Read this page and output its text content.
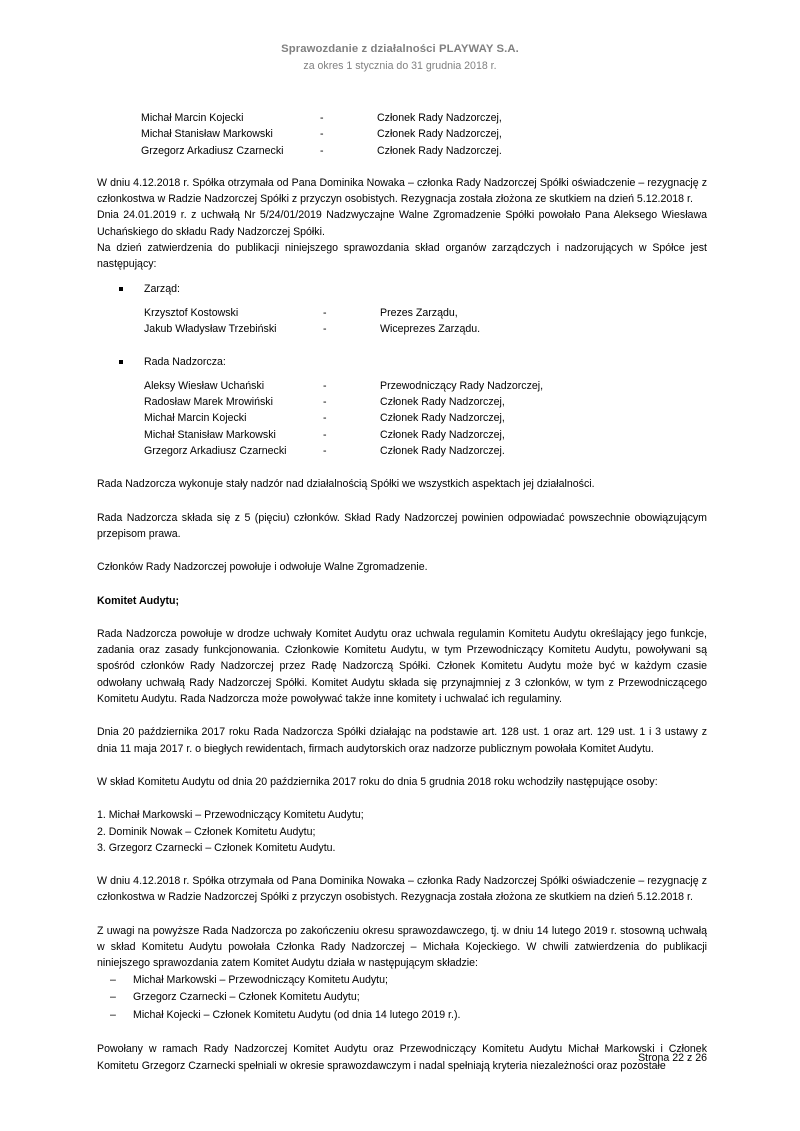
Sprawozdanie z działalności PLAYWAY S.A.
za okres 1 stycznia do 31 grudnia 2018 r.
Michał Marcin Kojecki	-	Członek Rady Nadzorczej,
Michał Stanisław Markowski	-	Członek Rady Nadzorczej,
Grzegorz Arkadiusz Czarnecki	-	Członek Rady Nadzorczej.

W dniu 4.12.2018 r. Spółka otrzymała od Pana Dominika Nowaka – członka Rady Nadzorczej Spółki oświadczenie – rezygnację z członkostwa w Radzie Nadzorczej Spółki z przyczyn osobistych. Rezygnacja została złożona ze skutkiem na dzień 5.12.2018 r.

Dnia 24.01.2019 r. z uchwałą Nr 5/24/01/2019 Nadzwyczajne Walne Zgromadzenie Spółki powołało Pana Aleksego Wiesława Uchańskiego do składu Rady Nadzorczej Spółki.

Na dzień zatwierdzenia do publikacji niniejszego sprawozdania skład organów zarządczych i nadzorujących w Spółce jest następujący:

Zarząd:
Krzysztof Kostowski	-	Prezes Zarządu,
Jakub Władysław Trzebiński	-	Wiceprezes Zarządu.
Rada Nadzorcza:
Aleksy Wiesław Uchański	-	Przewodniczący Rady Nadzorczej,
Radosław Marek Mrowiński	-	Członek Rady Nadzorczej,
Michał Marcin Kojecki	-	Członek Rady Nadzorczej,
Michał Stanisław Markowski	-	Członek Rady Nadzorczej,
Grzegorz Arkadiusz Czarnecki	-	Członek Rady Nadzorczej.

Rada Nadzorcza wykonuje stały nadzór nad działalnością Spółki we wszystkich aspektach jej działalności.

Rada Nadzorcza składa się z 5 (pięciu) członków. Skład Rady Nadzorczej powinien odpowiadać powszechnie obowiązującym przepisom prawa.

Członków Rady Nadzorczej powołuje i odwołuje Walne Zgromadzenie.

Komitet Audytu;

Rada Nadzorcza powołuje w drodze uchwały Komitet Audytu oraz uchwala regulamin Komitetu Audytu określający jego funkcje, zadania oraz zasady funkcjonowania. Członkowie Komitetu Audytu, w tym Przewodniczący Komitetu Audytu, powoływani są spośród członków Rady Nadzorczej przez Radę Nadzorczą Spółki. Członek Komitetu Audytu może być w każdym czasie odwołany uchwałą Rady Nadzorczej Spółki. Komitet Audytu składa się przynajmniej z 3 członków, w tym z Przewodniczącego Komitetu Audytu. Rada Nadzorcza może powoływać także inne komitety i uchwalać ich regulaminy.

Dnia 20 października 2017 roku Rada Nadzorcza Spółki działając na podstawie art. 128 ust. 1 oraz art. 129 ust. 1 i 3 ustawy z dnia 11 maja 2017 r. o biegłych rewidentach, firmach audytorskich oraz nadzorze publicznym powołała Komitet Audytu.

W skład Komitetu Audytu od dnia 20 października 2017 roku do dnia 5 grudnia 2018 roku wchodziły następujące osoby:

1. Michał Markowski – Przewodniczący Komitetu Audytu;
2. Dominik Nowak – Członek Komitetu Audytu;
3. Grzegorz Czarnecki – Członek Komitetu Audytu.

W dniu 4.12.2018 r. Spółka otrzymała od Pana Dominika Nowaka – członka Rady Nadzorczej Spółki oświadczenie – rezygnację z członkostwa w Radzie Nadzorczej Spółki z przyczyn osobistych. Rezygnacja została złożona ze skutkiem na dzień 5.12.2018 r.

Z uwagi na powyższe Rada Nadzorcza po zakończeniu okresu sprawozdawczego, tj. w dniu 14 lutego 2019 r. stosowną uchwałą w skład Komitetu Audytu powołała Członka Rady Nadzorczej – Michała Kojeckiego. W chwili zatwierdzenia do publikacji niniejszego sprawozdania zatem Komitet Audytu działa w następującym składzie:

– Michał Markowski – Przewodniczący Komitetu Audytu;
– Grzegorz Czarnecki – Członek Komitetu Audytu;
– Michał Kojecki – Członek Komitetu Audytu (od dnia 14 lutego 2019 r.).

Powołany w ramach Rady Nadzorczej Komitet Audytu oraz Przewodniczący Komitetu Audytu Michał Markowski i Członek Komitetu Grzegorz Czarnecki spełniali w okresie sprawozdawczym i nadal spełniają kryteria niezależności oraz pozostałe

Strona 22 z 26
